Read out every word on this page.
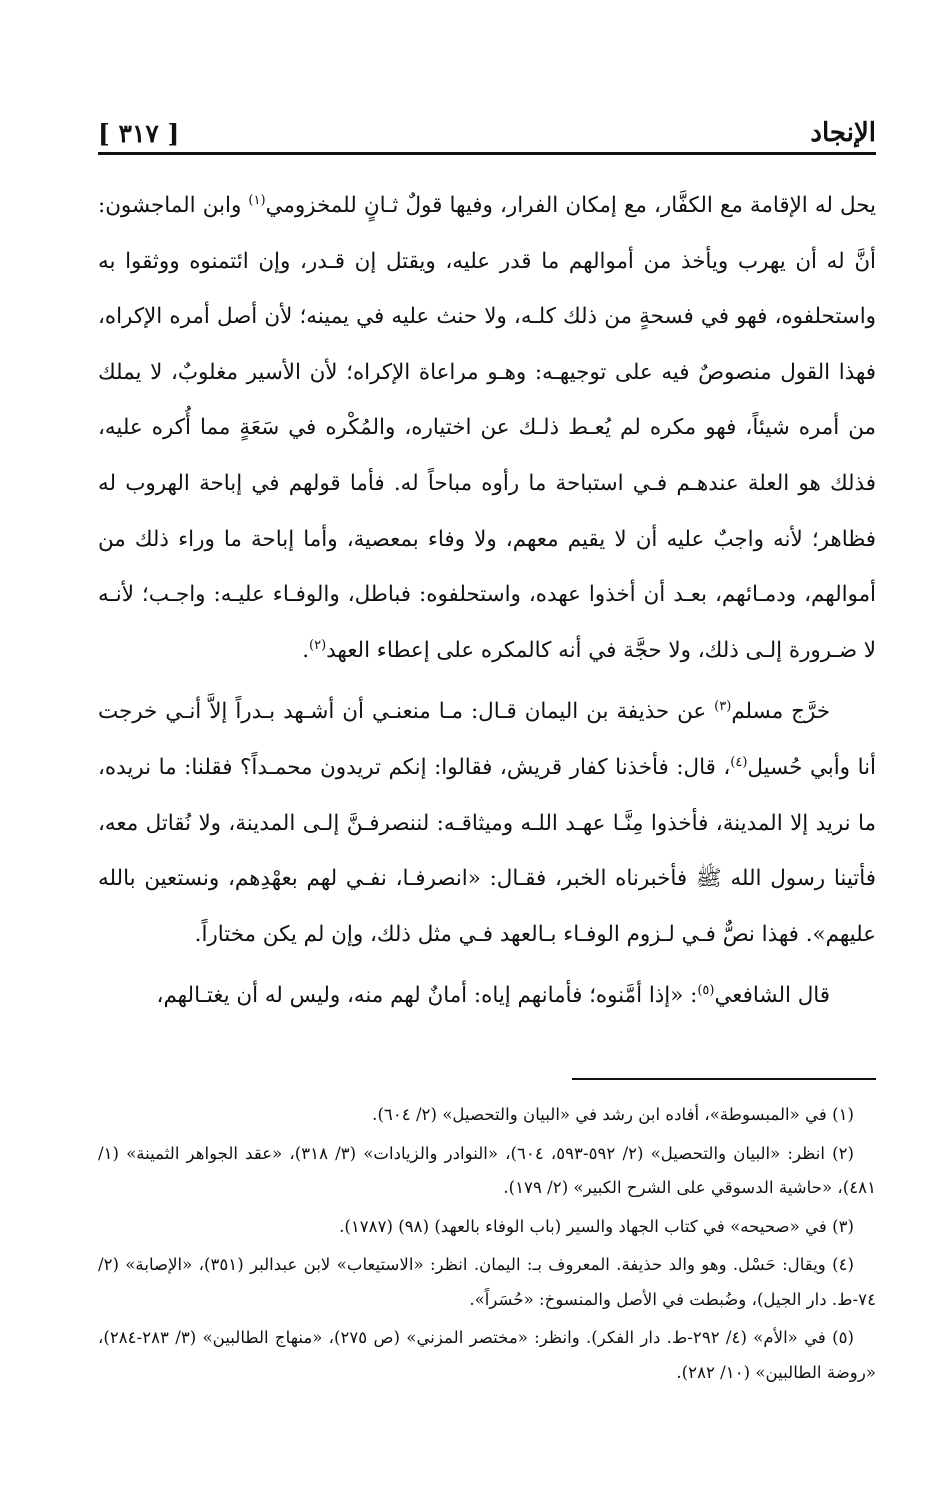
الإنجاد
[ ٣١٧ ]

يحل له الإقامة مع الكفَّار، مع إمكان الفرار، وفيها قولٌ ثـانٍ للمخزومي$^{(١)}$ وابن الماجشون: أنَّ له أن يهرب ويأخذ من أموالهم ما قدر عليه، ويقتل إن قـدر، وإن ائتمنوه ووثقوا به واستحلفوه، فهو في فسحةٍ من ذلك كلـه، ولا حنث عليه في يمينه؛ لأن أصل أمره الإكراه، فهذا القول منصوصٌ فيه على توجيهـه: وهـو مراعاة الإكراه؛ لأن الأسير مغلوبٌ، لا يملك من أمره شيئاً، فهو مكره لم يُعـط ذلـك عن اختياره، والمُكْره في سَعَةٍ مما أُكره عليه، فذلك هو العلة عندهـم فـي استباحة ما رأوه مباحاً له. فأما قولهم في إباحة الهروب له فظاهر؛ لأنه واجبٌ عليه أن لا يقيم معهم، ولا وفاء بمعصية، وأما إباحة ما وراء ذلك من أموالهم، ودمـائهم، بعـد أن أخذوا عهده، واستحلفوه: فباطل، والوفـاء عليـه: واجـب؛ لأنـه لا ضـرورة إلـى ذلك، ولا حجَّة في أنه كالمكره على إعطاء العهد$^{(٢)}$.

خرَّج مسلم$^{(٣)}$ عن حذيفة بن اليمان قـال: مـا منعنـي أن أشـهد بـدراً إلاَّ أنـي خرجت أنا وأبي حُسيل$^{(٤)}$، قال: فأخذنا كفار قريش، فقالوا: إنكم تريدون محمـداً؟ فقلنا: ما نريده، ما نريد إلا المدينة، فأخذوا مِنَّـا عهـد اللـه وميثاقـه: لننصرفـنَّ إلـى المدينة، ولا نُقاتل معه، فأتينا رسول الله ﷺ فأخبرناه الخبر، فقـال: «انصرفـا، نفـي لهم بعهْدِهم، ونستعين بالله عليهم». فهذا نصٌّ فـي لـزوم الوفـاء بـالعهد فـي مثل ذلك، وإن لم يكن مختاراً.

قال الشافعي$^{(٥)}$: «إذا أمَّنوه؛ فأمانهم إياه: أمانٌ لهم منه، وليس له أن يغتـالهم،

(١) في «المبسوطة»، أفاده ابن رشد في «البيان والتحصيل» (٢/ ٦٠٤).

(٢) انظر: «البيان والتحصيل» (٢/ ٥٩٢-٥٩٣، ٦٠٤)، «النوادر والزيادات» (٣/ ٣١٨)، «عقد الجواهر الثمينة» (١/ ٤٨١)، «حاشية الدسوقي على الشرح الكبير» (٢/ ١٧٩).

(٣) في «صحيحه» في كتاب الجهاد والسير (باب الوفاء بالعهد) (٩٨) (١٧٨٧).

(٤) ويقال: حَسْل. وهو والد حذيفة. المعروف بـ: اليمان. انظر: «الاستيعاب» لابن عبدالبر (٣٥١)، «الإصابة» (٢/ ٧٤-ط. دار الجيل)، وضُبطت في الأصل والمنسوخ: «حُسَراً».

(٥) في «الأم» (٤/ ٢٩٢-ط. دار الفكر). وانظر: «مختصر المزني» (ص ٢٧٥)، «منهاج الطالبين» (٣/ ٢٨٣-٢٨٤)، «روضة الطالبين» (١٠/ ٢٨٢).
